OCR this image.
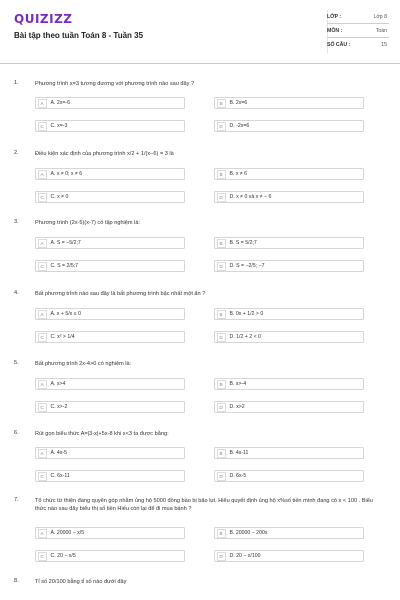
QUIZIZZ
Bài tập theo tuần Toán 8 - Tuần 35
LỚP :	Lớp 8
MÔN :	Toán
SỐ CÂU :	15
1.	Phương trình x=3 tương đương với phương trình nào sau đây ?
A	A. 2x=-6	B	B. 2x=6
C	C. x=-3	D	D. -2x=6
2.	Điều kiện xác định của phương trình x/2 + 1/(x−6) = 3 là
A	A. x ≠ 0; x ≠ 6	B	B. x ≠ 6
C	C. x ≠ 0	D	D. x ≠ 0 và x ≠ − 6
3.	Phương trình (2x-5)(x-7) có tập nghiệm là:
A	A. S = −5/2;7	B	B. S = 5/2;7
C	C. S = 2/5;7	D	D. S = −2/5; −7
4.	Bất phương trình nào sau đây là bất phương trình bậc nhất một ẩn ?
A	A. x + 5/x ≤ 0	B	B. 0x + 1/2 > 0
C	C. x² > 1/4	D	D. 1/2 + 2 < 0
5.	Bất phương trình 2x-4>0 có nghiệm là:
A	A. x>4	B	B. x>-4
C	C. x>-2	D	D. x>2
6.	Rút gọn biểu thức A=|3-x|+5x-8 khi x<3 ta được bằng:
A	A. 4x-5	B	B. 4x-11
C	C. 6x-11	D	D. 6x-5
7.	Tổ chức từ thiện đang quyên góp nhằm ủng hộ 5000 đồng bào bị bão lụt. Hiểu quyết định ủng hộ x%số tiền mình đang có x < 100 . Biểu thức nào sau đây biểu thị số tiền Hiếu còn lại để đi mua bánh ?
A	A. 20000 − x/5	B	B. 20000 − 200x
C	C. 20 − x/5	D	D. 20 − x/100
8.	Tỉ số 20/100 bằng tỉ số nào dưới đây
